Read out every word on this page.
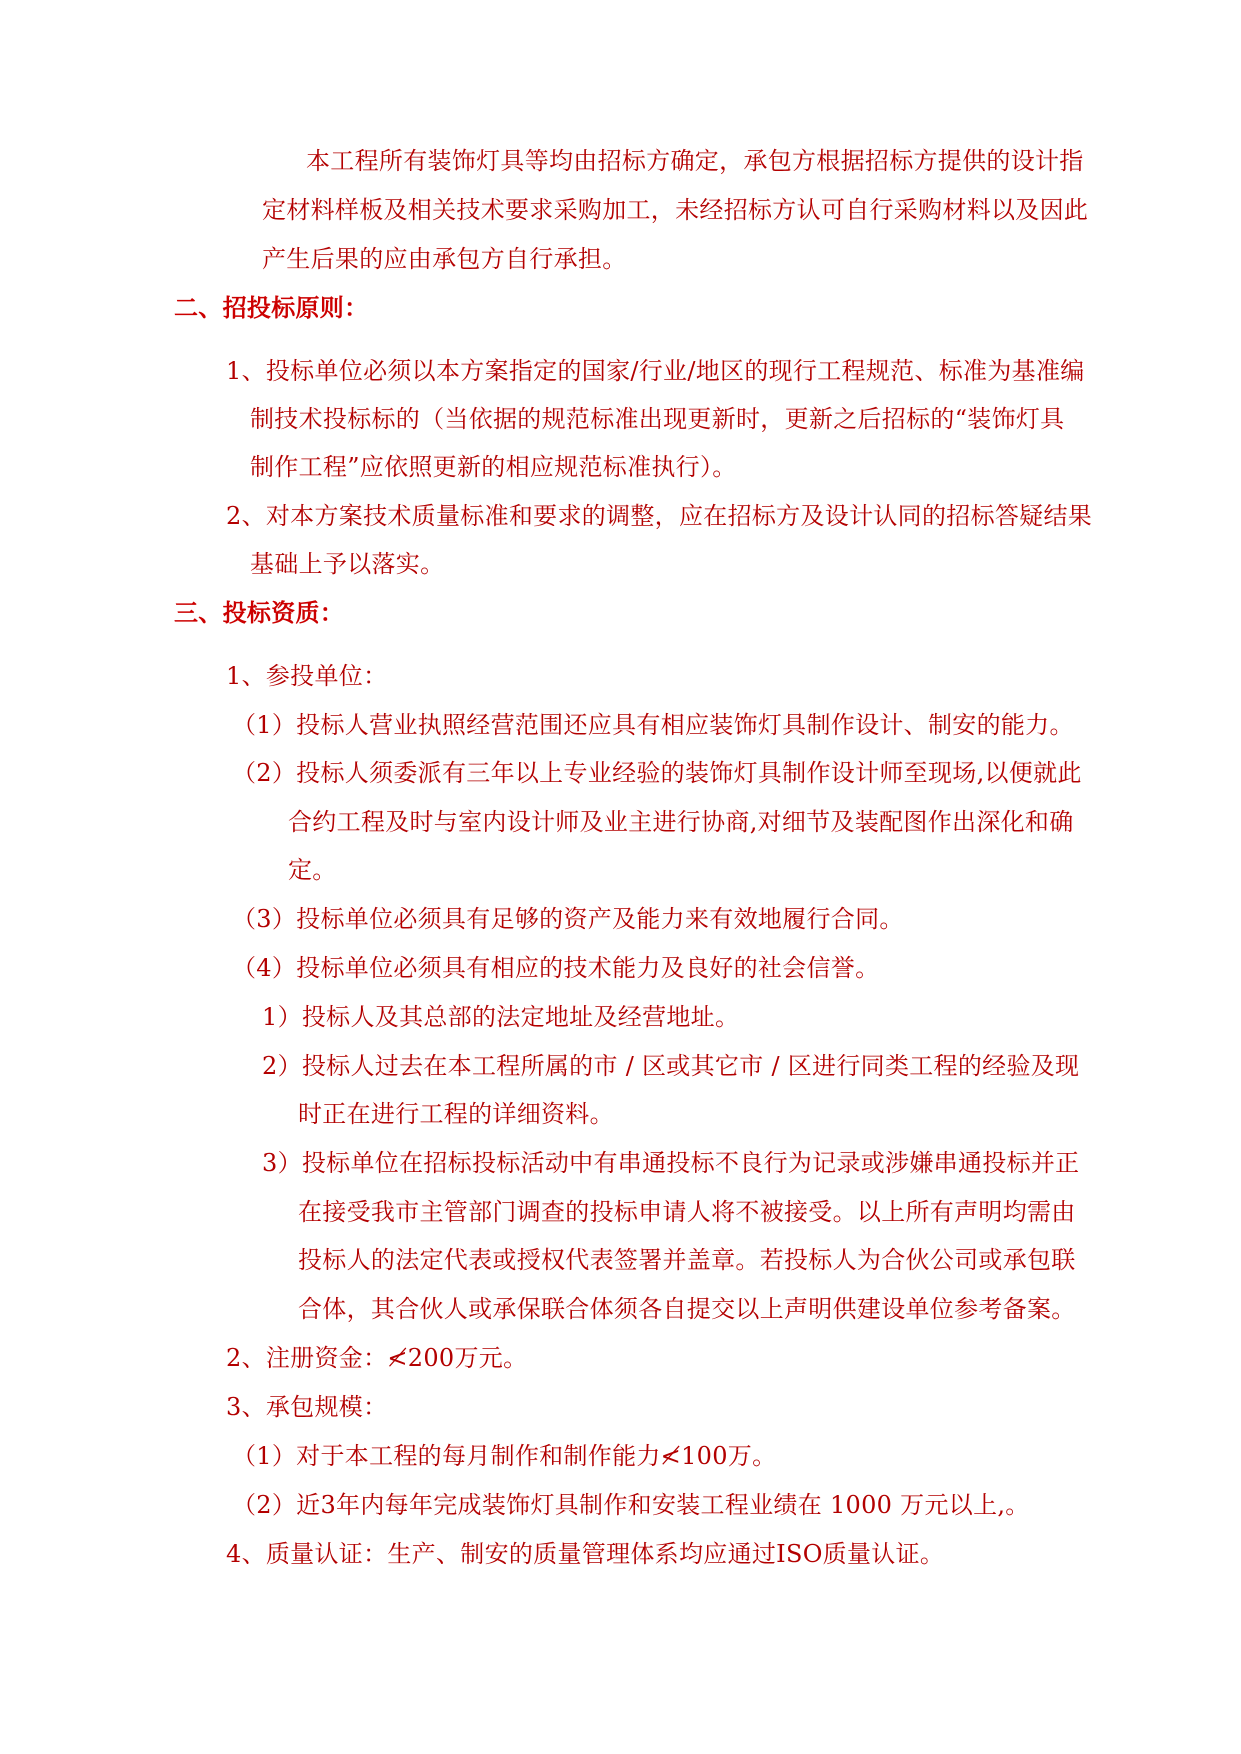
本工程所有装饰灯具等均由招标方确定，承包方根据招标方提供的设计指

定材料样板及相关技术要求采购加工，未经招标方认可自行采购材料以及因此

产生后果的应由承包方自行承担。

二、招投标原则：

1、投标单位必须以本方案指定的国家/行业/地区的现行工程规范、标准为基准编

制技术投标标的（当依据的规范标准出现更新时，更新之后招标的“装饰灯具

制作工程”应依照更新的相应规范标准执行）。

2、对本方案技术质量标准和要求的调整，应在招标方及设计认同的招标答疑结果

基础上予以落实。

三、投标资质：

1、参投单位：

（1）投标人营业执照经营范围还应具有相应装饰灯具制作设计、制安的能力。

（2）投标人须委派有三年以上专业经验的装饰灯具制作设计师至现场,以便就此

合约工程及时与室内设计师及业主进行协商,对细节及装配图作出深化和确

定。

（3）投标单位必须具有足够的资产及能力来有效地履行合同。

（4）投标单位必须具有相应的技术能力及良好的社会信誉。

1）投标人及其总部的法定地址及经营地址。

2）投标人过去在本工程所属的市 / 区或其它市 / 区进行同类工程的经验及现

时正在进行工程的详细资料。

3）投标单位在招标投标活动中有串通投标不良行为记录或涉嫌串通投标并正

在接受我市主管部门调查的投标申请人将不被接受。以上所有声明均需由

投标人的法定代表或授权代表签署并盖章。若投标人为合伙公司或承包联

合体，其合伙人或承保联合体须各自提交以上声明供建设单位参考备案。

2、注册资金：≮200万元。

3、承包规模：

（1）对于本工程的每月制作和制作能力≮100万。

（2）近3年内每年完成装饰灯具制作和安装工程业绩在 1000 万元以上,。

4、质量认证：生产、制安的质量管理体系均应通过ISO质量认证。
